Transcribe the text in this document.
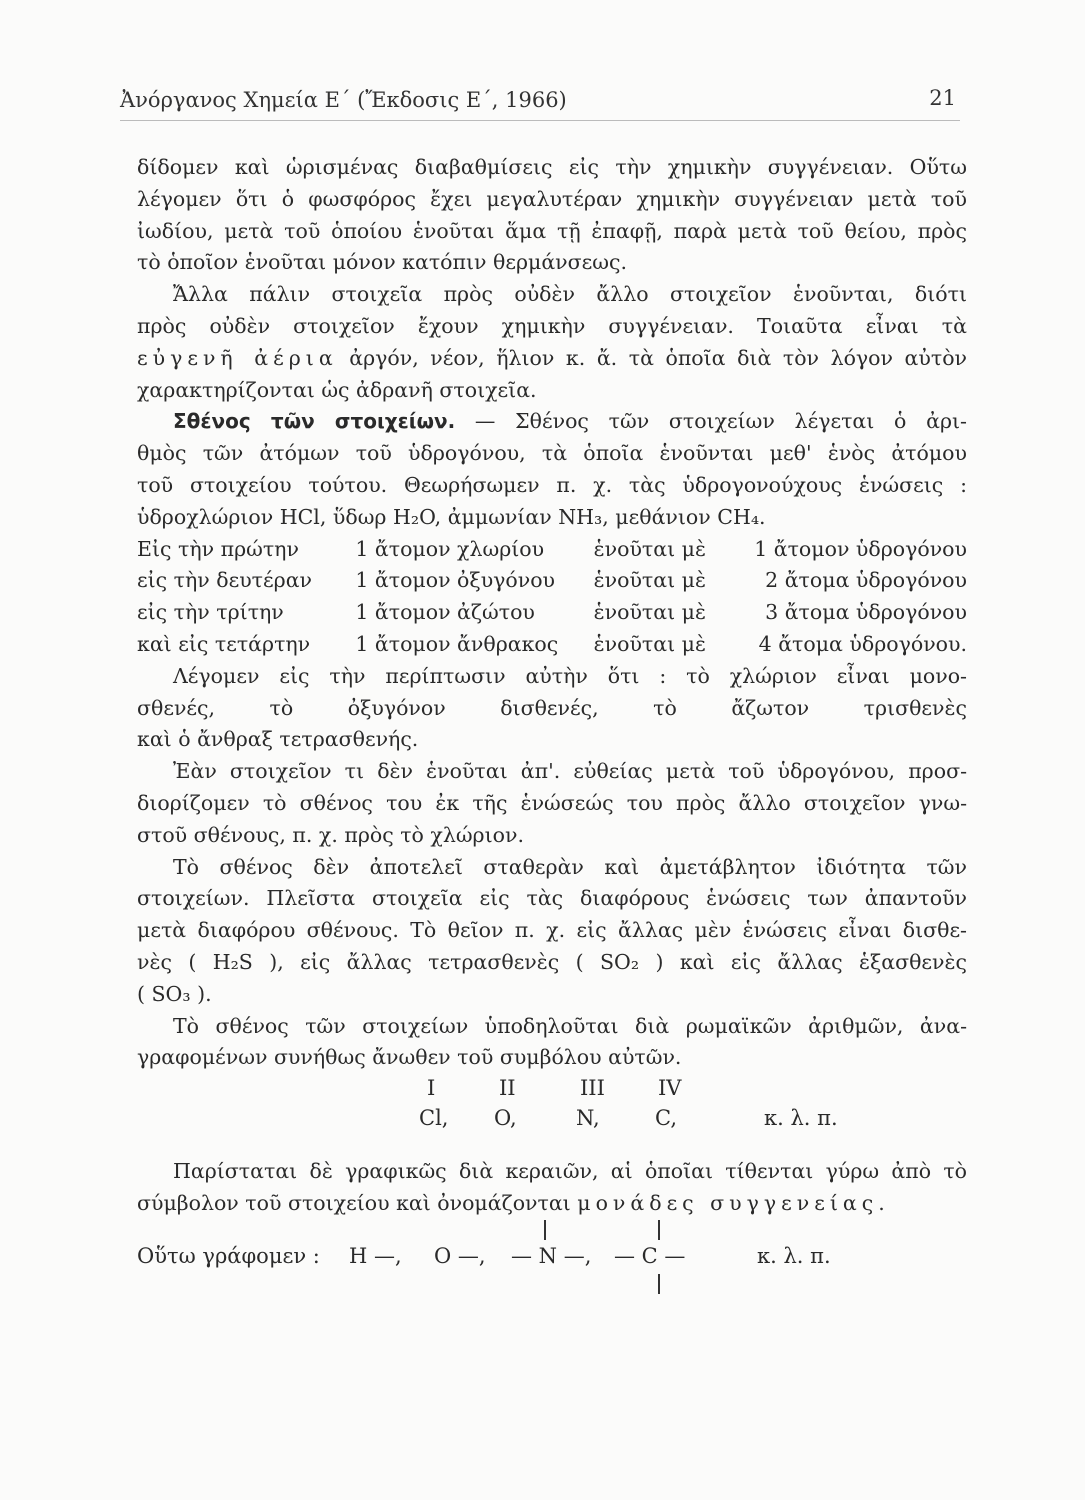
Ἀνόργανος Χημεία Ε΄ (Ἔκδοσις Ε΄, 1966)	21
δίδομεν καὶ ὡρισμένας διαβαθμίσεις εἰς τὴν χημικὴν συγγένειαν. Οὕτω
λέγομεν ὅτι ὁ φωσφόρος ἔχει μεγαλυτέραν χημικὴν συγγένειαν μετὰ τοῦ
ἰωδίου, μετὰ τοῦ ὁποίου ἑνοῦται ἅμα τῇ ἐπαφῇ, παρὰ μετὰ τοῦ θείου, πρὸς
τὸ ὁποῖον ἑνοῦται μόνον κατόπιν θερμάνσεως.
Ἄλλα πάλιν στοιχεῖα πρὸς οὐδὲν ἄλλο στοιχεῖον ἑνοῦνται, διότι
πρὸς οὐδὲν στοιχεῖον ἔχουν χημικὴν συγγένειαν. Τοιαῦτα εἶναι τὰ
εὐγενῆ ἀέρια ἀργόν, νέον, ἥλιον κ. ἄ. τὰ ὁποῖα διὰ τὸν λόγον αὐτὸν
χαρακτηρίζονται ὡς ἀδρανῆ στοιχεῖα.
Σθένος τῶν στοιχείων. — Σθένος τῶν στοιχείων λέγεται ὁ ἀρι-
θμὸς τῶν ἀτόμων τοῦ ὑδρογόνου, τὰ ὁποῖα ἑνοῦνται μεθ' ἑνὸς ἀτόμου
τοῦ στοιχείου τούτου. Θεωρήσωμεν π. χ. τὰς ὑδρογονούχους ἑνώσεις :
ὑδροχλώριον HCl, ὕδωρ H₂O, ἀμμωνίαν NH₃, μεθάνιον CH₄.
Εἰς τὴν πρώτην	1 ἄτομον χλωρίου	ἑνοῦται μὲ	1 ἄτομον ὑδρογόνου
εἰς τὴν δευτέραν	1 ἄτομον ὀξυγόνου	ἑνοῦται μὲ	2 ἄτομα ὑδρογόνου
εἰς τὴν τρίτην	1 ἄτομον ἀζώτου	ἑνοῦται μὲ	3 ἄτομα ὑδρογόνου
καὶ εἰς τετάρτην	1 ἄτομον ἄνθρακος	ἑνοῦται μὲ	4 ἄτομα ὑδρογόνου.
Λέγομεν εἰς τὴν περίπτωσιν αὐτὴν ὅτι : τὸ χλώριον εἶναι μονο-
σθενές, τὸ ὀξυγόνον δισθενές, τὸ ἄζωτον τρισθενὲς
καὶ ὁ ἄνθραξ τετρασθενής.
Ἐὰν στοιχεῖον τι δὲν ἑνοῦται ἀπ'. εὐθείας μετὰ τοῦ ὑδρογόνου, προσ-
διορίζομεν τὸ σθένος του ἐκ τῆς ἑνώσεώς του πρὸς ἄλλο στοιχεῖον γνω-
στοῦ σθένους, π. χ. πρὸς τὸ χλώριον.
Τὸ σθένος δὲν ἀποτελεῖ σταθερὰν καὶ ἀμετάβλητον ἰδιότητα τῶν
στοιχείων. Πλεῖστα στοιχεῖα εἰς τὰς διαφόρους ἑνώσεις των ἀπαντοῦν
μετὰ διαφόρου σθένους. Τὸ θεῖον π. χ. εἰς ἄλλας μὲν ἑνώσεις εἶναι δισθε-
νὲς ( H₂S ), εἰς ἄλλας τετρασθενὲς ( SO₂ ) καὶ εἰς ἄλλας ἑξασθενὲς
( SO₃ ).
Τὸ σθένος τῶν στοιχείων ὑποδηλοῦται διὰ ρωμαϊκῶν ἀριθμῶν, ἀνα-
γραφομένων συνήθως ἄνωθεν τοῦ συμβόλου αὐτῶν.
I	II	III	IV
Cl, O,	N,	C,	κ. λ. π.
Παρίσταται δὲ γραφικῶς διὰ κεραιῶν, αἱ ὁποῖαι τίθενται γύρω ἀπὸ τὸ
σύμβολον τοῦ στοιχείου καὶ ὀνομάζονται μονάδες συγγενείας.
Οὕτω γράφομεν : H —, O —, — N —, — C —	κ. λ. π.
